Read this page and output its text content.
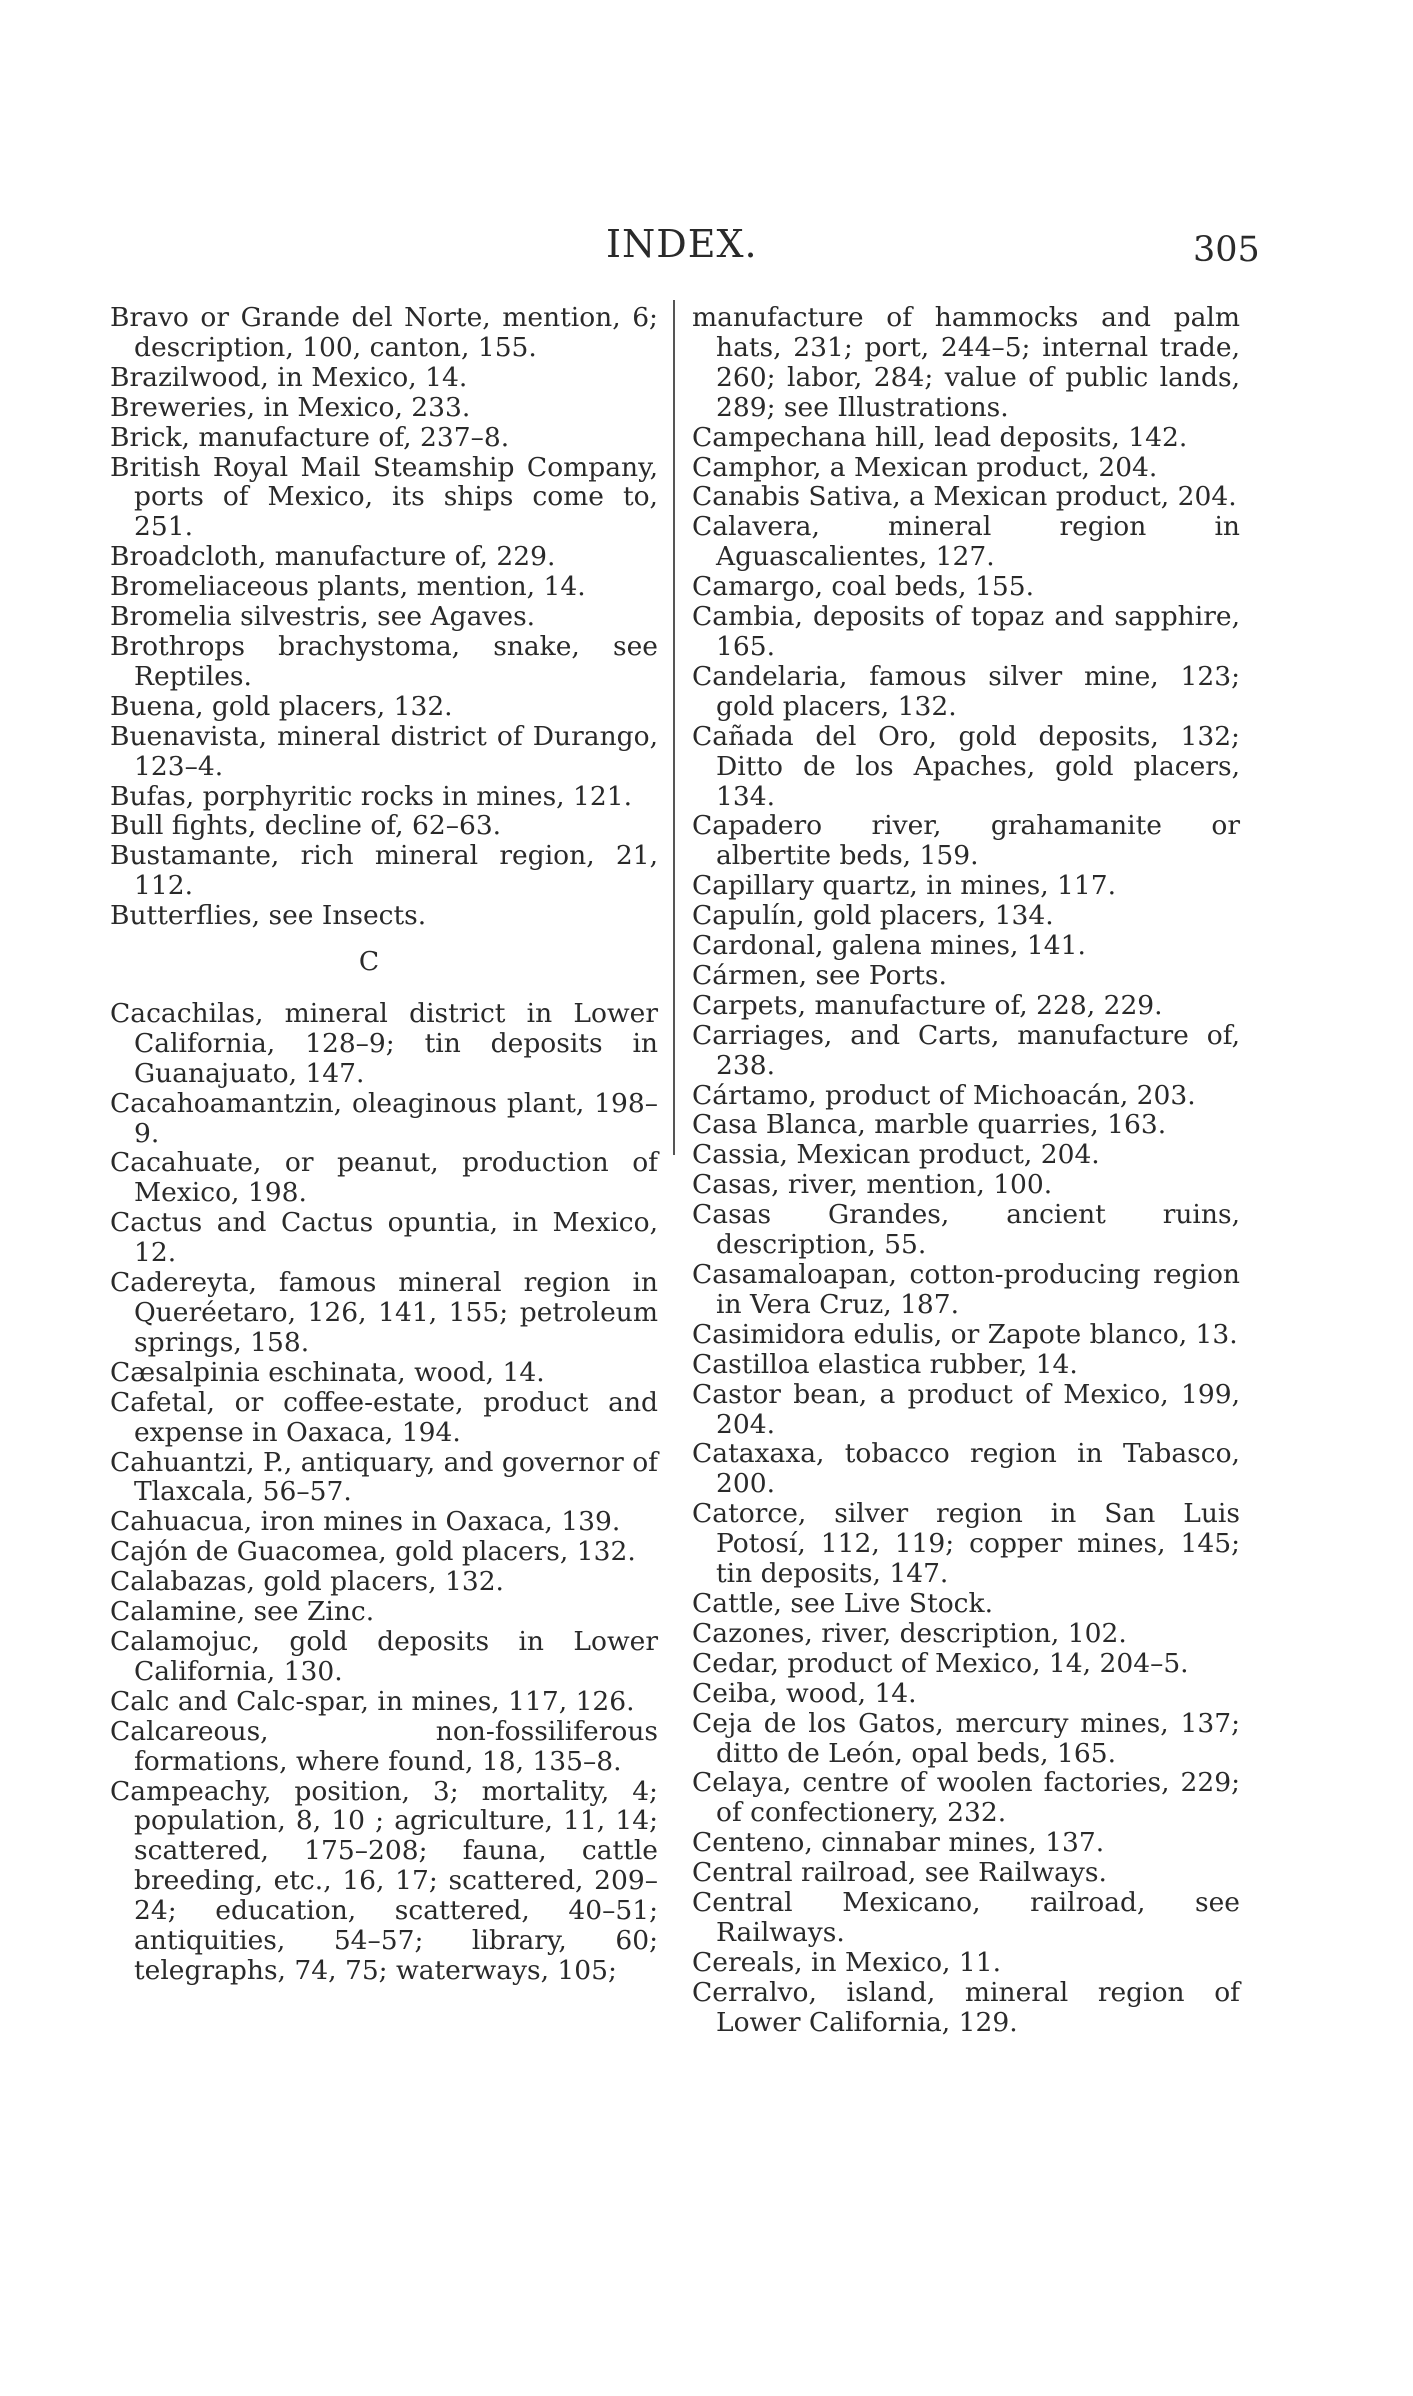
INDEX.	305

Bravo or Grande del Norte, mention, 6; description, 100, canton, 155.

Brazilwood, in Mexico, 14.

Breweries, in Mexico, 233.

Brick, manufacture of, 237–8.

British Royal Mail Steamship Company, ports of Mexico, its ships come to, 251.

Broadcloth, manufacture of, 229.

Bromeliaceous plants, mention, 14.

Bromelia silvestris, see Agaves.

Brothrops brachystoma, snake, see Reptiles.

Buena, gold placers, 132.

Buenavista, mineral district of Durango, 123–4.

Bufas, porphyritic rocks in mines, 121.

Bull fights, decline of, 62–63.

Bustamante, rich mineral region, 21, 112.

Butterflies, see Insects.

C

Cacachilas, mineral district in Lower California, 128–9; tin deposits in Guanajuato, 147.

Cacahoamantzin, oleaginous plant, 198–9.

Cacahuate, or peanut, production of Mexico, 198.

Cactus and Cactus opuntia, in Mexico, 12.

Cadereyta, famous mineral region in Queréetaro, 126, 141, 155; petroleum springs, 158.

Cæsalpinia eschinata, wood, 14.

Cafetal, or coffee-estate, product and expense in Oaxaca, 194.

Cahuantzi, P., antiquary, and governor of Tlaxcala, 56–57.

Cahuacua, iron mines in Oaxaca, 139.

Cajón de Guacomea, gold placers, 132.

Calabazas, gold placers, 132.

Calamine, see Zinc.

Calamojuc, gold deposits in Lower California, 130.

Calc and Calc-spar, in mines, 117, 126.

Calcareous, non-fossiliferous formations, where found, 18, 135–8.

Campeachy, position, 3; mortality, 4; population, 8, 10 ; agriculture, 11, 14; scattered, 175–208; fauna, cattle breeding, etc., 16, 17; scattered, 209–24; education, scattered, 40–51; antiquities, 54–57; library, 60; telegraphs, 74, 75; waterways, 105;

manufacture of hammocks and palm hats, 231; port, 244–5; internal trade, 260; labor, 284; value of public lands, 289; see Illustrations.

Campechana hill, lead deposits, 142.

Camphor, a Mexican product, 204.

Canabis Sativa, a Mexican product, 204.

Calavera, mineral region in Aguascalientes, 127.

Camargo, coal beds, 155.

Cambia, deposits of topaz and sapphire, 165.

Candelaria, famous silver mine, 123; gold placers, 132.

Cañada del Oro, gold deposits, 132; Ditto de los Apaches, gold placers, 134.

Capadero river, grahamanite or albertite beds, 159.

Capillary quartz, in mines, 117.

Capulín, gold placers, 134.

Cardonal, galena mines, 141.

Cármen, see Ports.

Carpets, manufacture of, 228, 229.

Carriages, and Carts, manufacture of, 238.

Cártamo, product of Michoacán, 203.

Casa Blanca, marble quarries, 163.

Cassia, Mexican product, 204.

Casas, river, mention, 100.

Casas Grandes, ancient ruins, description, 55.

Casamaloapan, cotton-producing region in Vera Cruz, 187.

Casimidora edulis, or Zapote blanco, 13.

Castilloa elastica rubber, 14.

Castor bean, a product of Mexico, 199, 204.

Cataxaxa, tobacco region in Tabasco, 200.

Catorce, silver region in San Luis Potosí, 112, 119; copper mines, 145; tin deposits, 147.

Cattle, see Live Stock.

Cazones, river, description, 102.

Cedar, product of Mexico, 14, 204–5.

Ceiba, wood, 14.

Ceja de los Gatos, mercury mines, 137; ditto de León, opal beds, 165.

Celaya, centre of woolen factories, 229; of confectionery, 232.

Centeno, cinnabar mines, 137.

Central railroad, see Railways.

Central Mexicano, railroad, see Railways.

Cereals, in Mexico, 11.

Cerralvo, island, mineral region of Lower California, 129.
